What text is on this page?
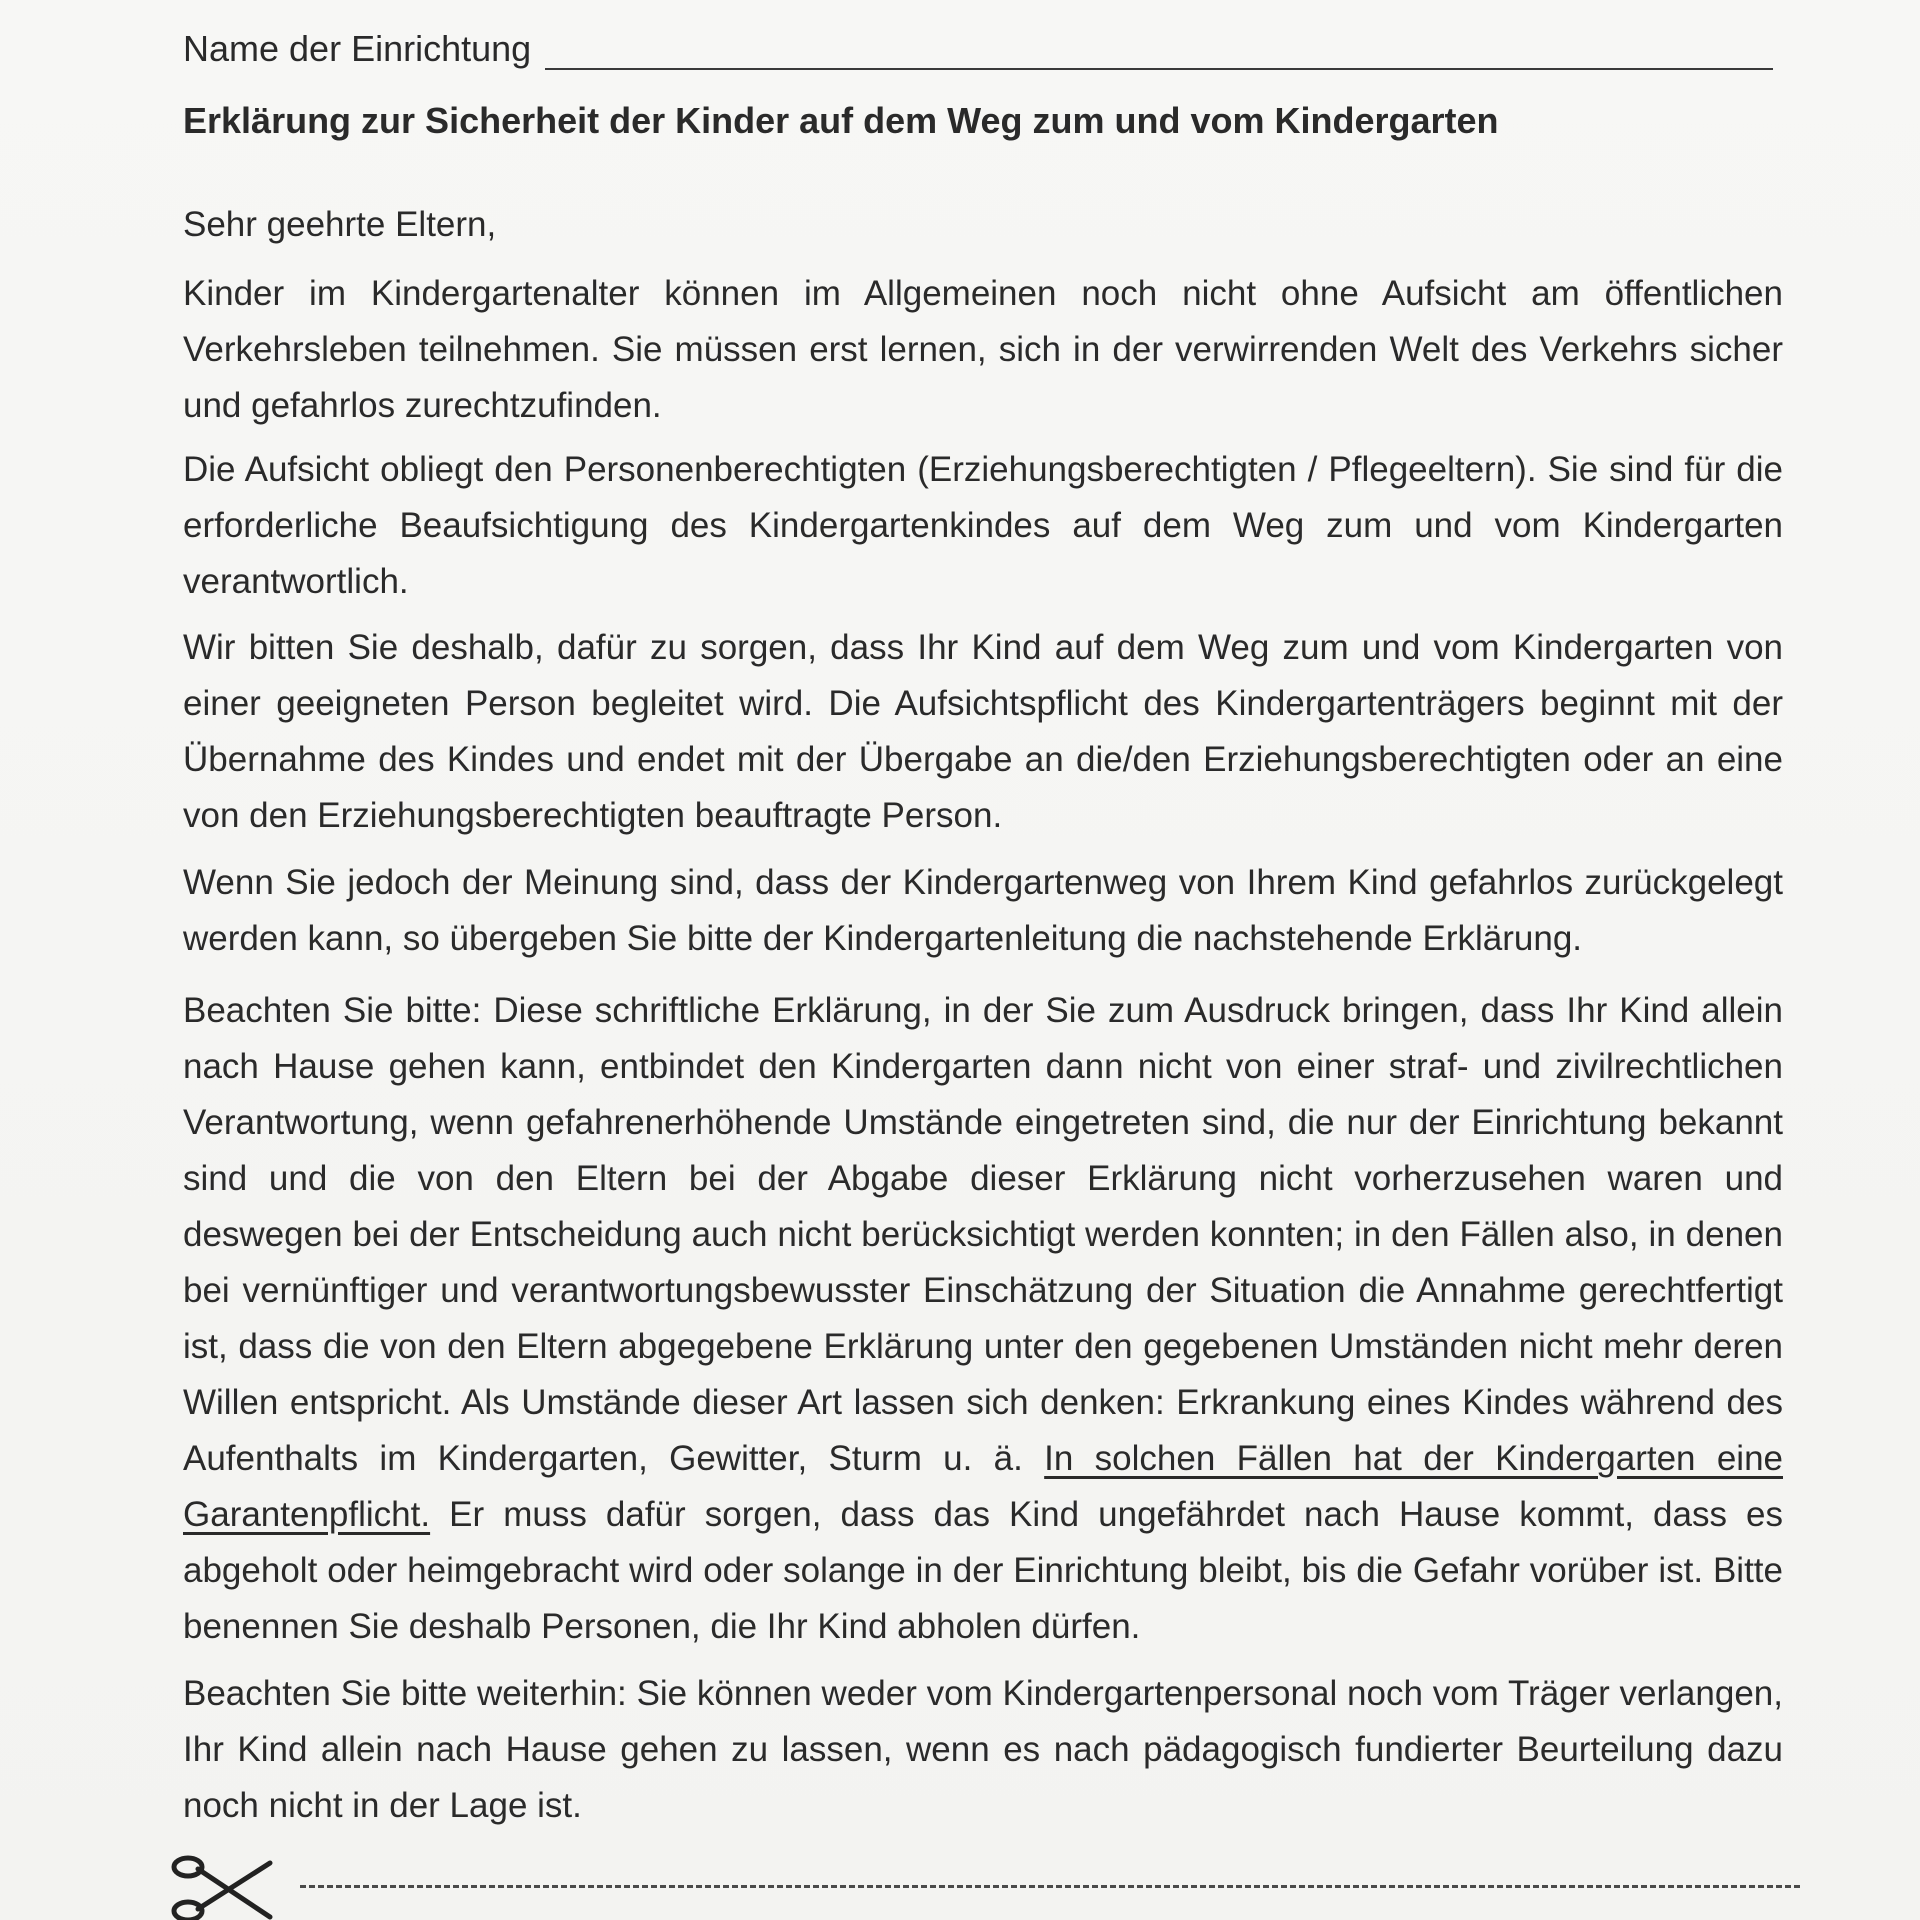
Name der Einrichtung
Erklärung zur Sicherheit der Kinder auf dem Weg zum und vom Kindergarten
Sehr geehrte Eltern,

Kinder im Kindergartenalter können im Allgemeinen noch nicht ohne Aufsicht am öffentlichen Verkehrsleben teilnehmen. Sie müssen erst lernen, sich in der verwirrenden Welt des Verkehrs sicher und gefahrlos zurechtzufinden.

Die Aufsicht obliegt den Personenberechtigten (Erziehungsberechtigten / Pflegeeltern). Sie sind für die erforderliche Beaufsichtigung des Kindergartenkindes auf dem Weg zum und vom Kindergarten verantwortlich.

Wir bitten Sie deshalb, dafür zu sorgen, dass Ihr Kind auf dem Weg zum und vom Kindergarten von einer geeigneten Person begleitet wird. Die Aufsichtspflicht des Kindergartenträgers beginnt mit der Übernahme des Kindes und endet mit der Übergabe an die/den Erziehungsberechtigten oder an eine von den Erziehungsberechtigten beauftragte Person.

Wenn Sie jedoch der Meinung sind, dass der Kindergartenweg von Ihrem Kind gefahrlos zurückgelegt werden kann, so übergeben Sie bitte der Kindergartenleitung die nachstehende Erklärung.

Beachten Sie bitte: Diese schriftliche Erklärung, in der Sie zum Ausdruck bringen, dass Ihr Kind allein nach Hause gehen kann, entbindet den Kindergarten dann nicht von einer straf- und zivilrechtlichen Verantwortung, wenn gefahrenerhöhende Umstände eingetreten sind, die nur der Einrichtung bekannt sind und die von den Eltern bei der Abgabe dieser Erklärung nicht vorherzusehen waren und deswegen bei der Entscheidung auch nicht berücksichtigt werden konnten; in den Fällen also, in denen bei vernünftiger und verantwortungsbewusster Einschätzung der Situation die Annahme gerechtfertigt ist, dass die von den Eltern abgegebene Erklärung unter den gegebenen Umständen nicht mehr deren Willen entspricht. Als Umstände dieser Art lassen sich denken: Erkrankung eines Kindes während des Aufenthalts im Kindergarten, Gewitter, Sturm u. ä. In solchen Fällen hat der Kindergarten eine Garantenpflicht. Er muss dafür sorgen, dass das Kind ungefährdet nach Hause kommt, dass es abgeholt oder heimgebracht wird oder solange in der Einrichtung bleibt, bis die Gefahr vorüber ist. Bitte benennen Sie deshalb Personen, die Ihr Kind abholen dürfen.

Beachten Sie bitte weiterhin: Sie können weder vom Kindergartenpersonal noch vom Träger verlangen, Ihr Kind allein nach Hause gehen zu lassen, wenn es nach pädagogisch fundierter Beurteilung dazu noch nicht in der Lage ist.
